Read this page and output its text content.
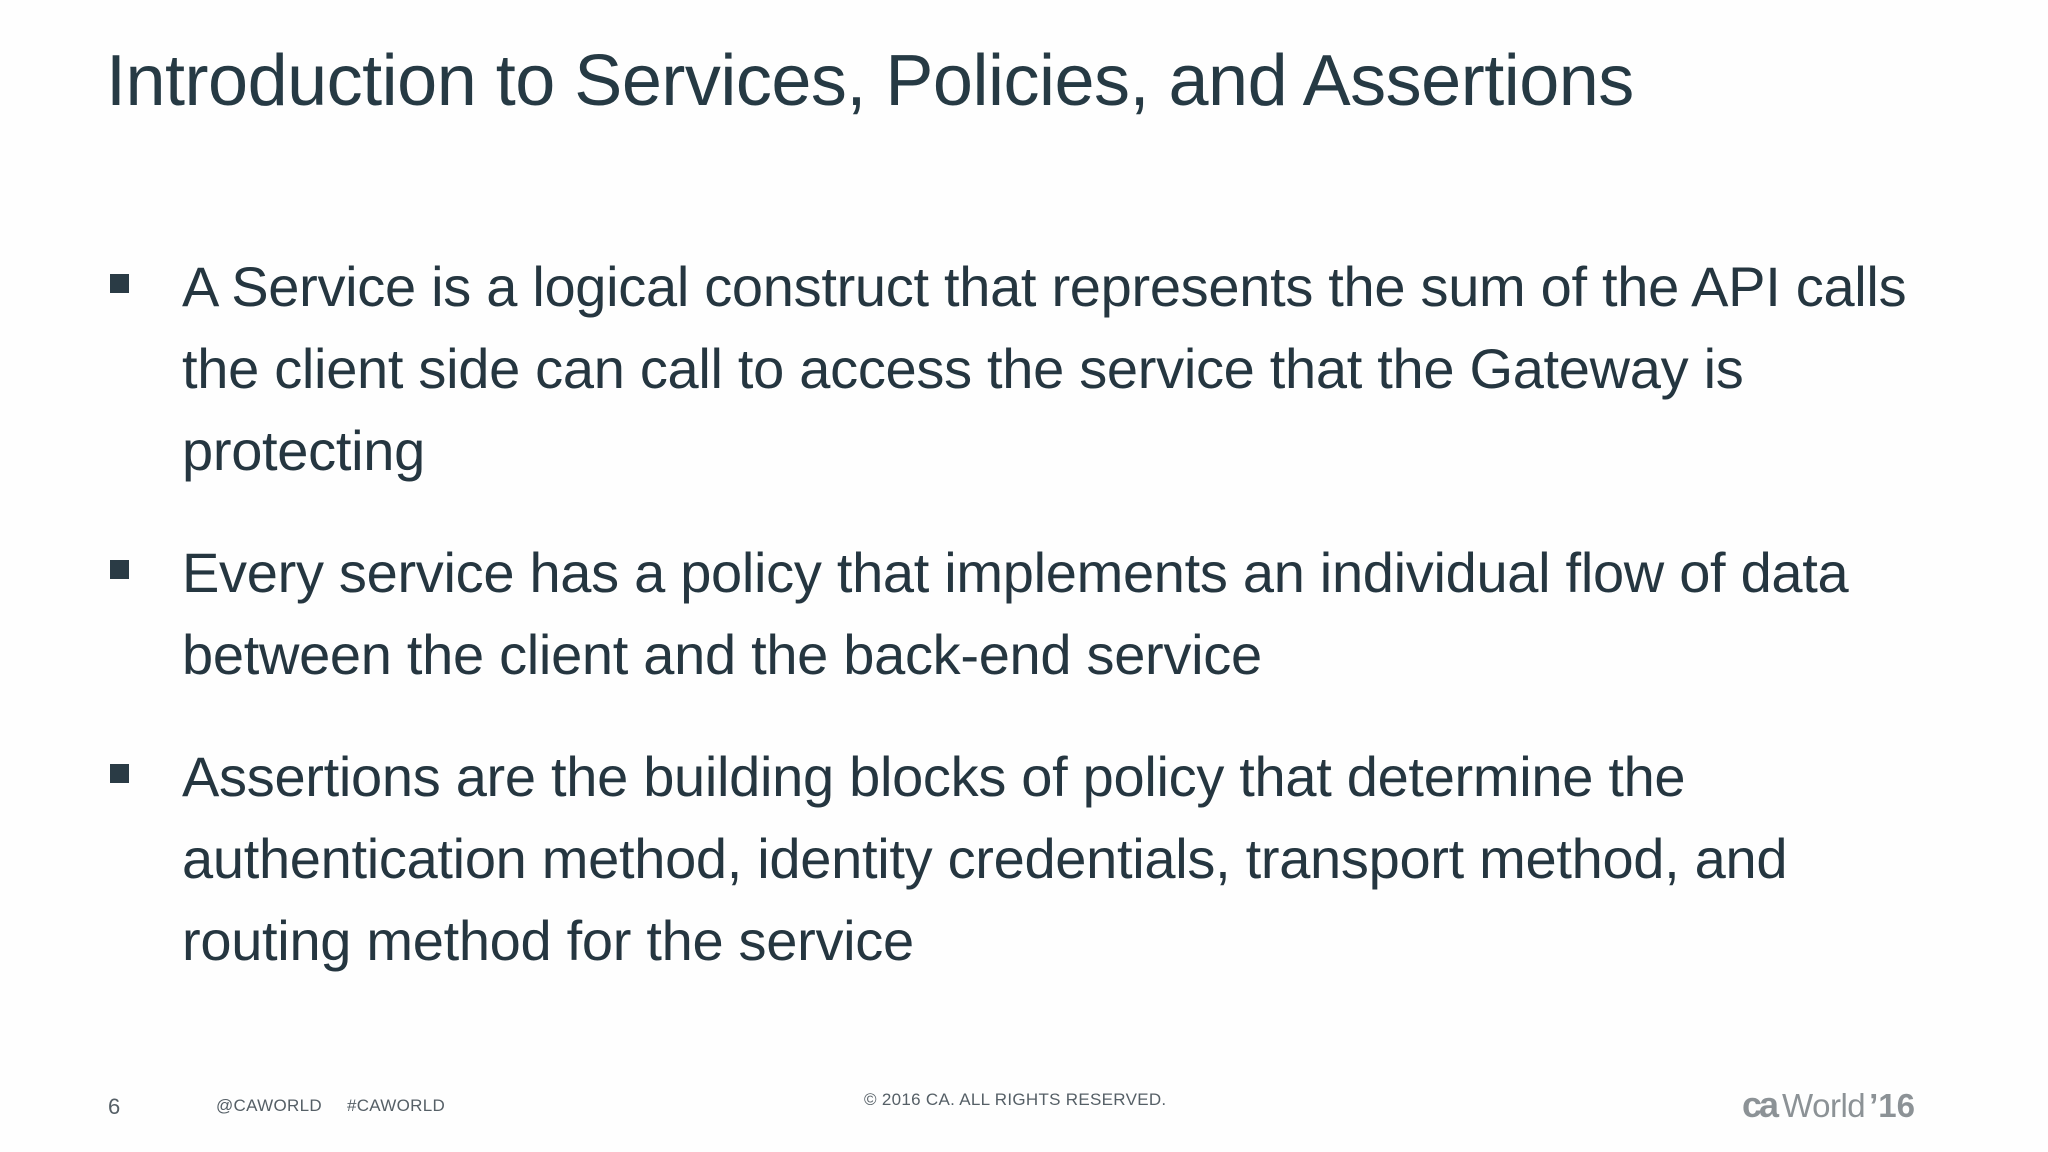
Introduction to Services, Policies, and Assertions
A Service is a logical construct that represents the sum of the API calls the client side can call to access the service that the Gateway is protecting
Every service has a policy that implements an individual flow of data between the client and the back-end service
Assertions are the building blocks of policy that determine the authentication method, identity credentials, transport method, and routing method for the service
6	@CAWORLD #CAWORLD	© 2016 CA. ALL RIGHTS RESERVED.	ca World ’16
